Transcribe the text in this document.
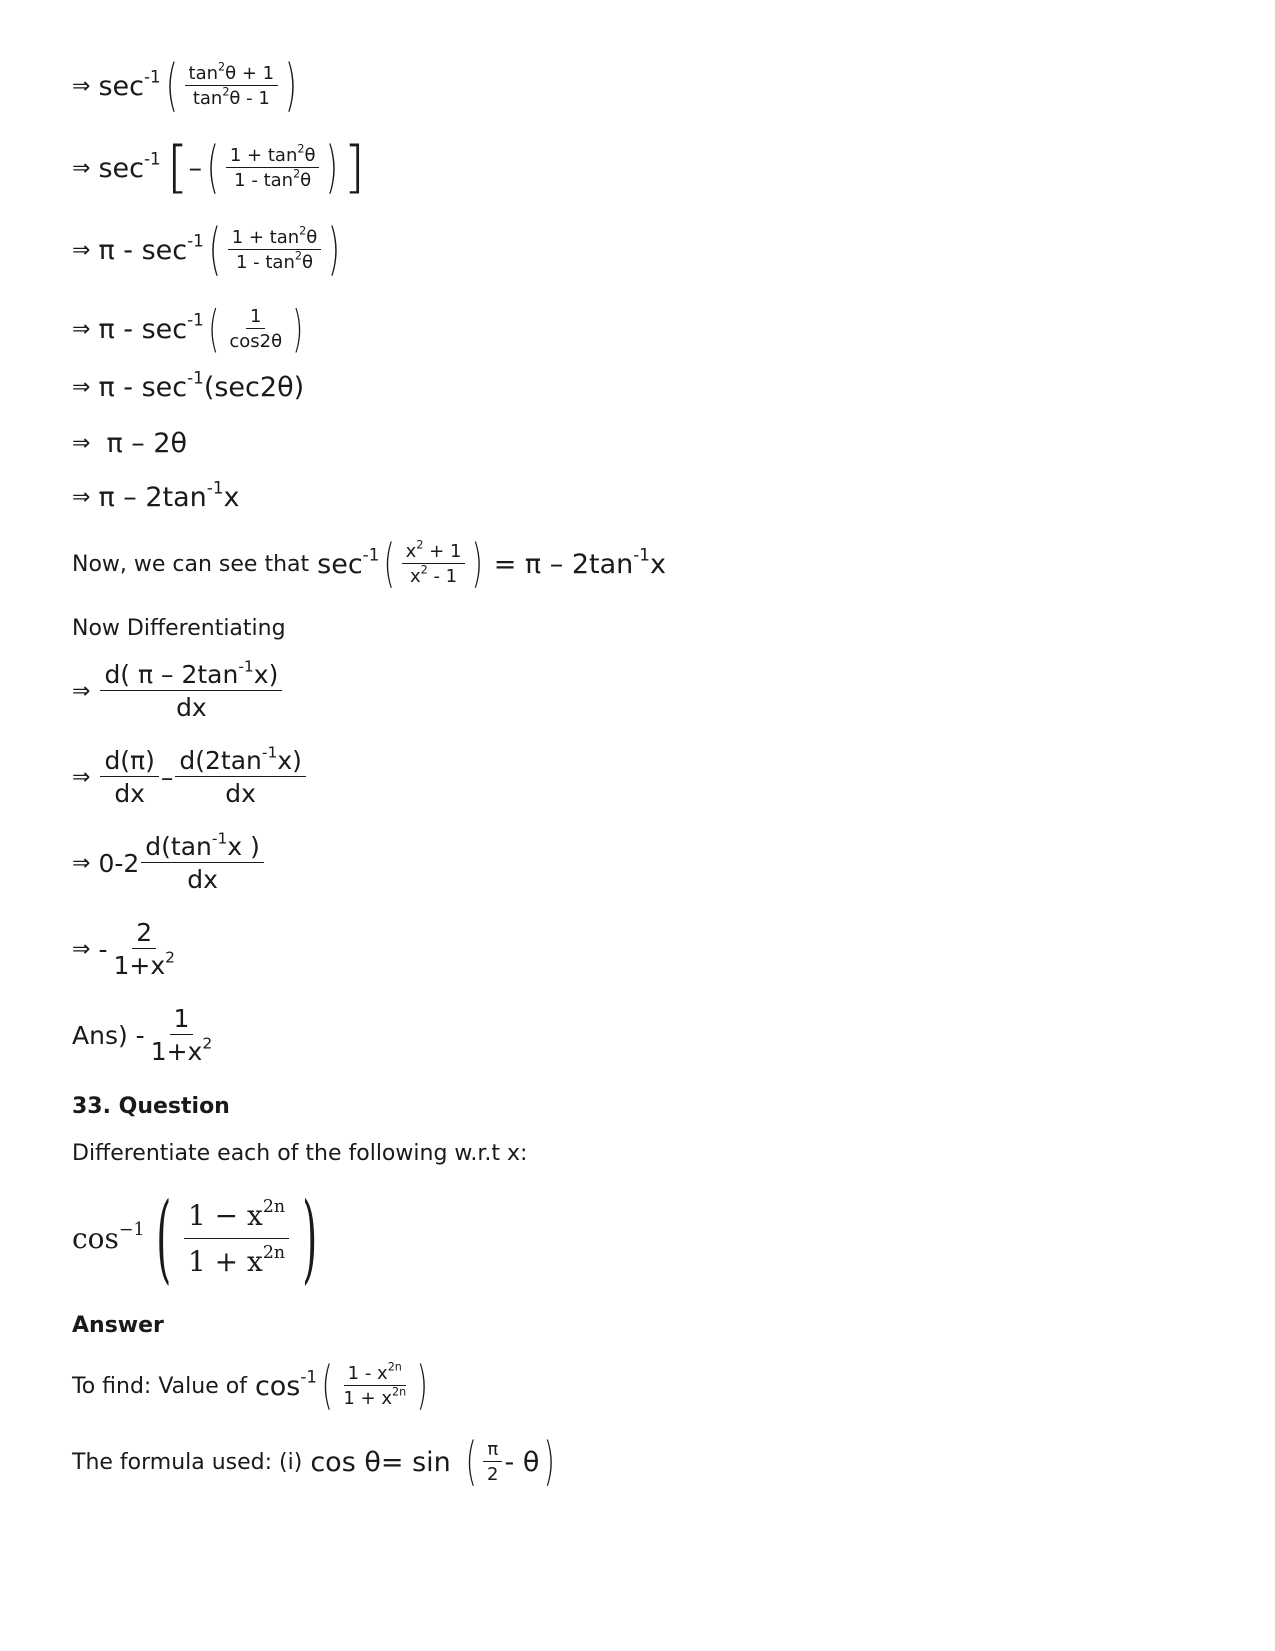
⇒ $\sec^{-1}$ ( $\frac{\tan^2\theta + 1}{\tan^2\theta - 1}$ )
⇒ $\sec^{-1}$ [ – ( $\frac{1 + \tan^2\theta}{1 - \tan^2\theta}$ ) ]
⇒ π - $\sec^{-1}$ ( $\frac{1 + \tan^2\theta}{1 - \tan^2\theta}$ )
⇒ π - $\sec^{-1}$ ( $\frac{1}{\cos 2\theta}$ )
⇒ π - $\sec^{-1}(\sec 2\theta)$
⇒ π – 2θ
⇒ π – $2\tan^{-1}x$
Now, we can see that $\sec^{-1}$ ( $\frac{x^2 + 1}{x^2 - 1}$ ) = π – $2\tan^{-1}x$
Now Differentiating
⇒ $\frac{d( \pi - 2\tan^{-1}x)}{dx}$
⇒ $\frac{d(\pi)}{dx} - \frac{d(2\tan^{-1}x)}{dx}$
⇒ $0-2 \frac{d(\tan^{-1}x )}{dx}$
⇒ - $\frac{2}{1+x^2}$
$Ans) - \frac{1}{1+x^2}$
33. Question
Differentiate each of the following w.r.t x:
$\cos^{-1}$ ( $\frac{1 - x^{2n}}{1 + x^{2n}}$ )
Answer
To find: Value of $\cos^{-1}$ ( $\frac{1 - x^{2n}}{1 + x^{2n}}$ )
The formula used: (i) cos θ= sin ( $\frac{\pi}{2}$ - θ )
